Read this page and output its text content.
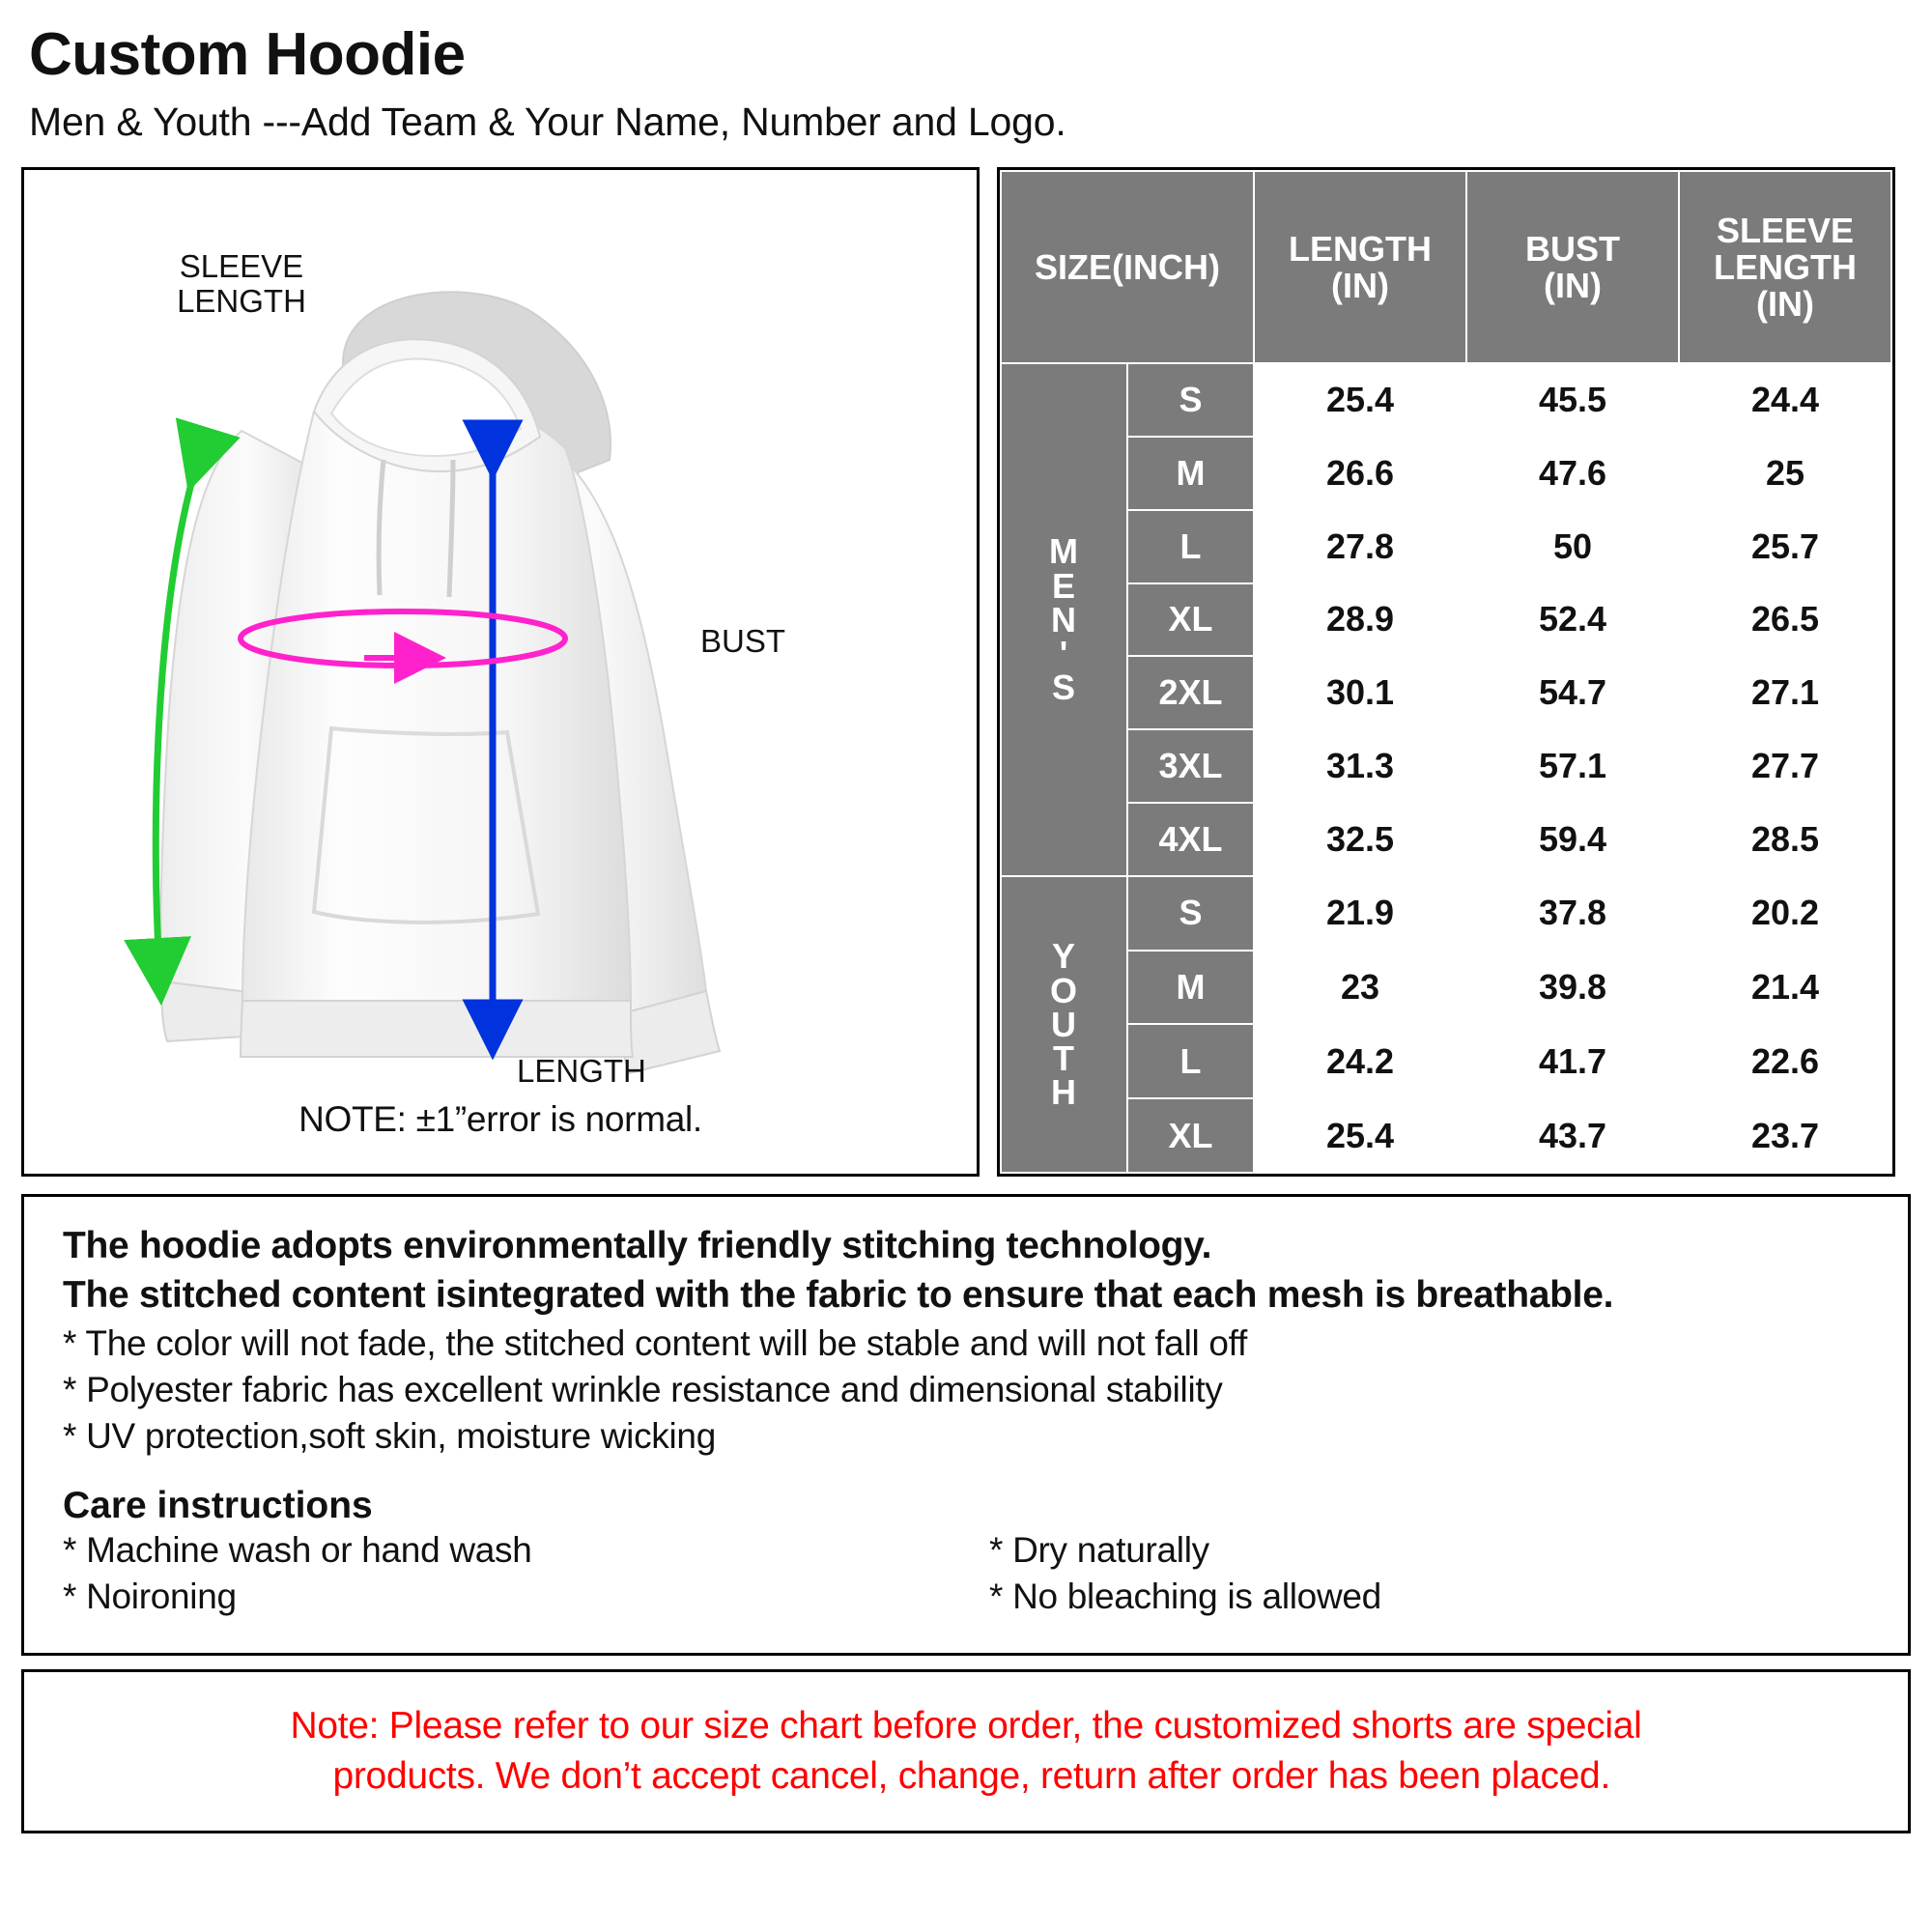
Custom Hoodie
Men & Youth ---Add Team & Your Name, Number and Logo.
SLEEVE
LENGTH
BUST
LENGTH
NOTE: ±1”error is normal.
SIZE(INCH)	LENGTH
(IN)

BUST
(IN)

SLEEVE
LENGTH
(IN)

M
E
N
'
S	S	25.4	45.5	24.4
	M	26.6	47.6	25
	L	27.8	50	25.7
	XL	28.9	52.4	26.5
	2XL	30.1	54.7	27.1
	3XL	31.3	57.1	27.7
	4XL	32.5	59.4	28.5

Y
O
U
T
H	S	21.9	37.8	20.2
	M	23	39.8	21.4
	L	24.2	41.7	22.6
	XL	25.4	43.7	23.7
The hoodie adopts environmentally friendly stitching technology.
The stitched content isintegrated with the fabric to ensure that each mesh is breathable.
* The color will not fade, the stitched content will be stable and will not fall off
* Polyester fabric has excellent wrinkle resistance and dimensional stability
* UV protection,soft skin, moisture wicking
Care instructions
* Machine wash or hand wash
* Noironing
* Dry naturally
* No bleaching is allowed
Note: Please refer to our size chart before order, the customized shorts are special
products. We don’t accept cancel, change, return after order has been placed.
